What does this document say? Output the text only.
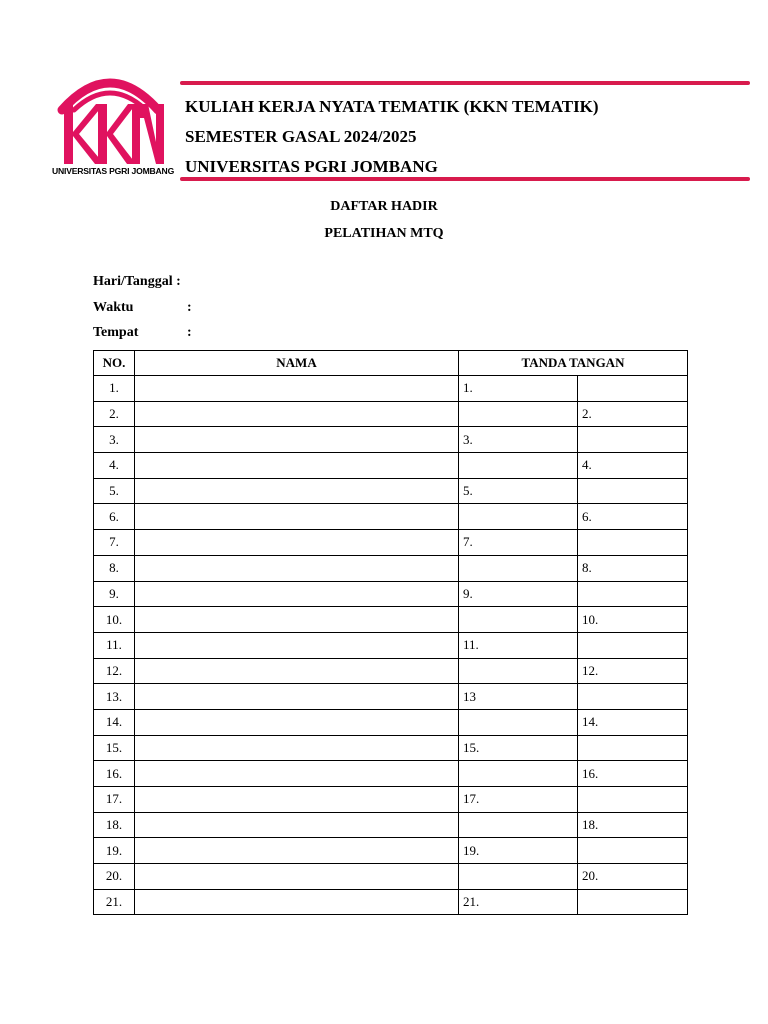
UNIVERSITAS PGRI JOMBANG
KULIAH KERJA NYATA TEMATIK (KKN TEMATIK)
SEMESTER GASAL 2024/2025
UNIVERSITAS PGRI JOMBANG
DAFTAR HADIR
PELATIHAN MTQ
Hari/Tanggal :
Waktu	:
Tempat	:
NO.	NAMA	TANDA TANGAN	
1.		1.	
2.			2.
3.		3.	
4.			4.
5.		5.	
6.			6.
7.		7.	
8.			8.
9.		9.	
10.			10.
11.		11.	
12.			12.
13.		13	
14.			14.
15.		15.	
16.			16.
17.		17.	
18.			18.
19.		19.	
20.			20.
21.		21.	
